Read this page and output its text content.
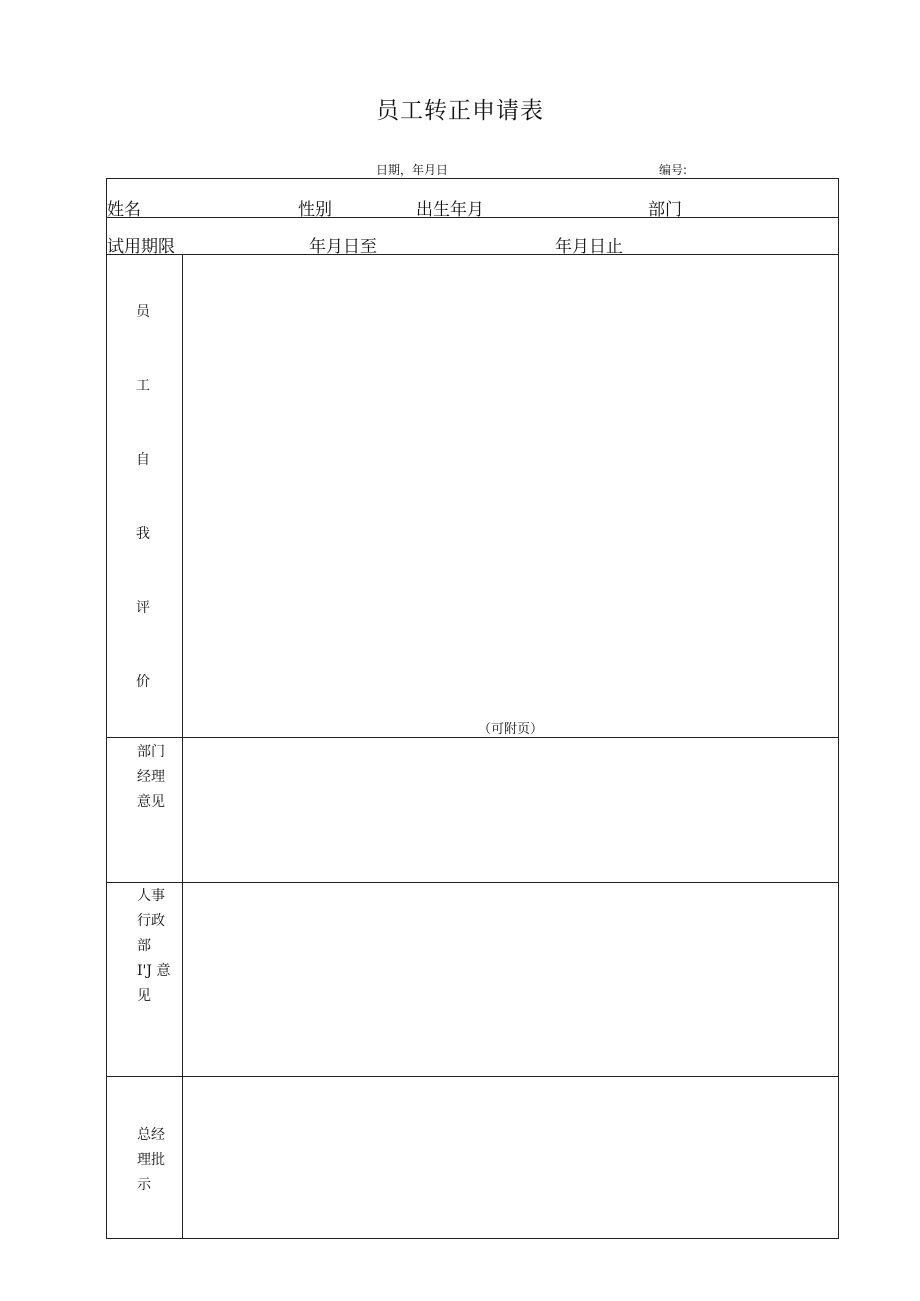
员工转正申请表
日期，年月日	编号:
姓名	性别	出生年月	部门
试用期限	年月日至	年月日止
员
工
自
我
评
价
（可附页）
部门
经理
意见
人事
行政
部
I'J 意
见
总经
理批
示
